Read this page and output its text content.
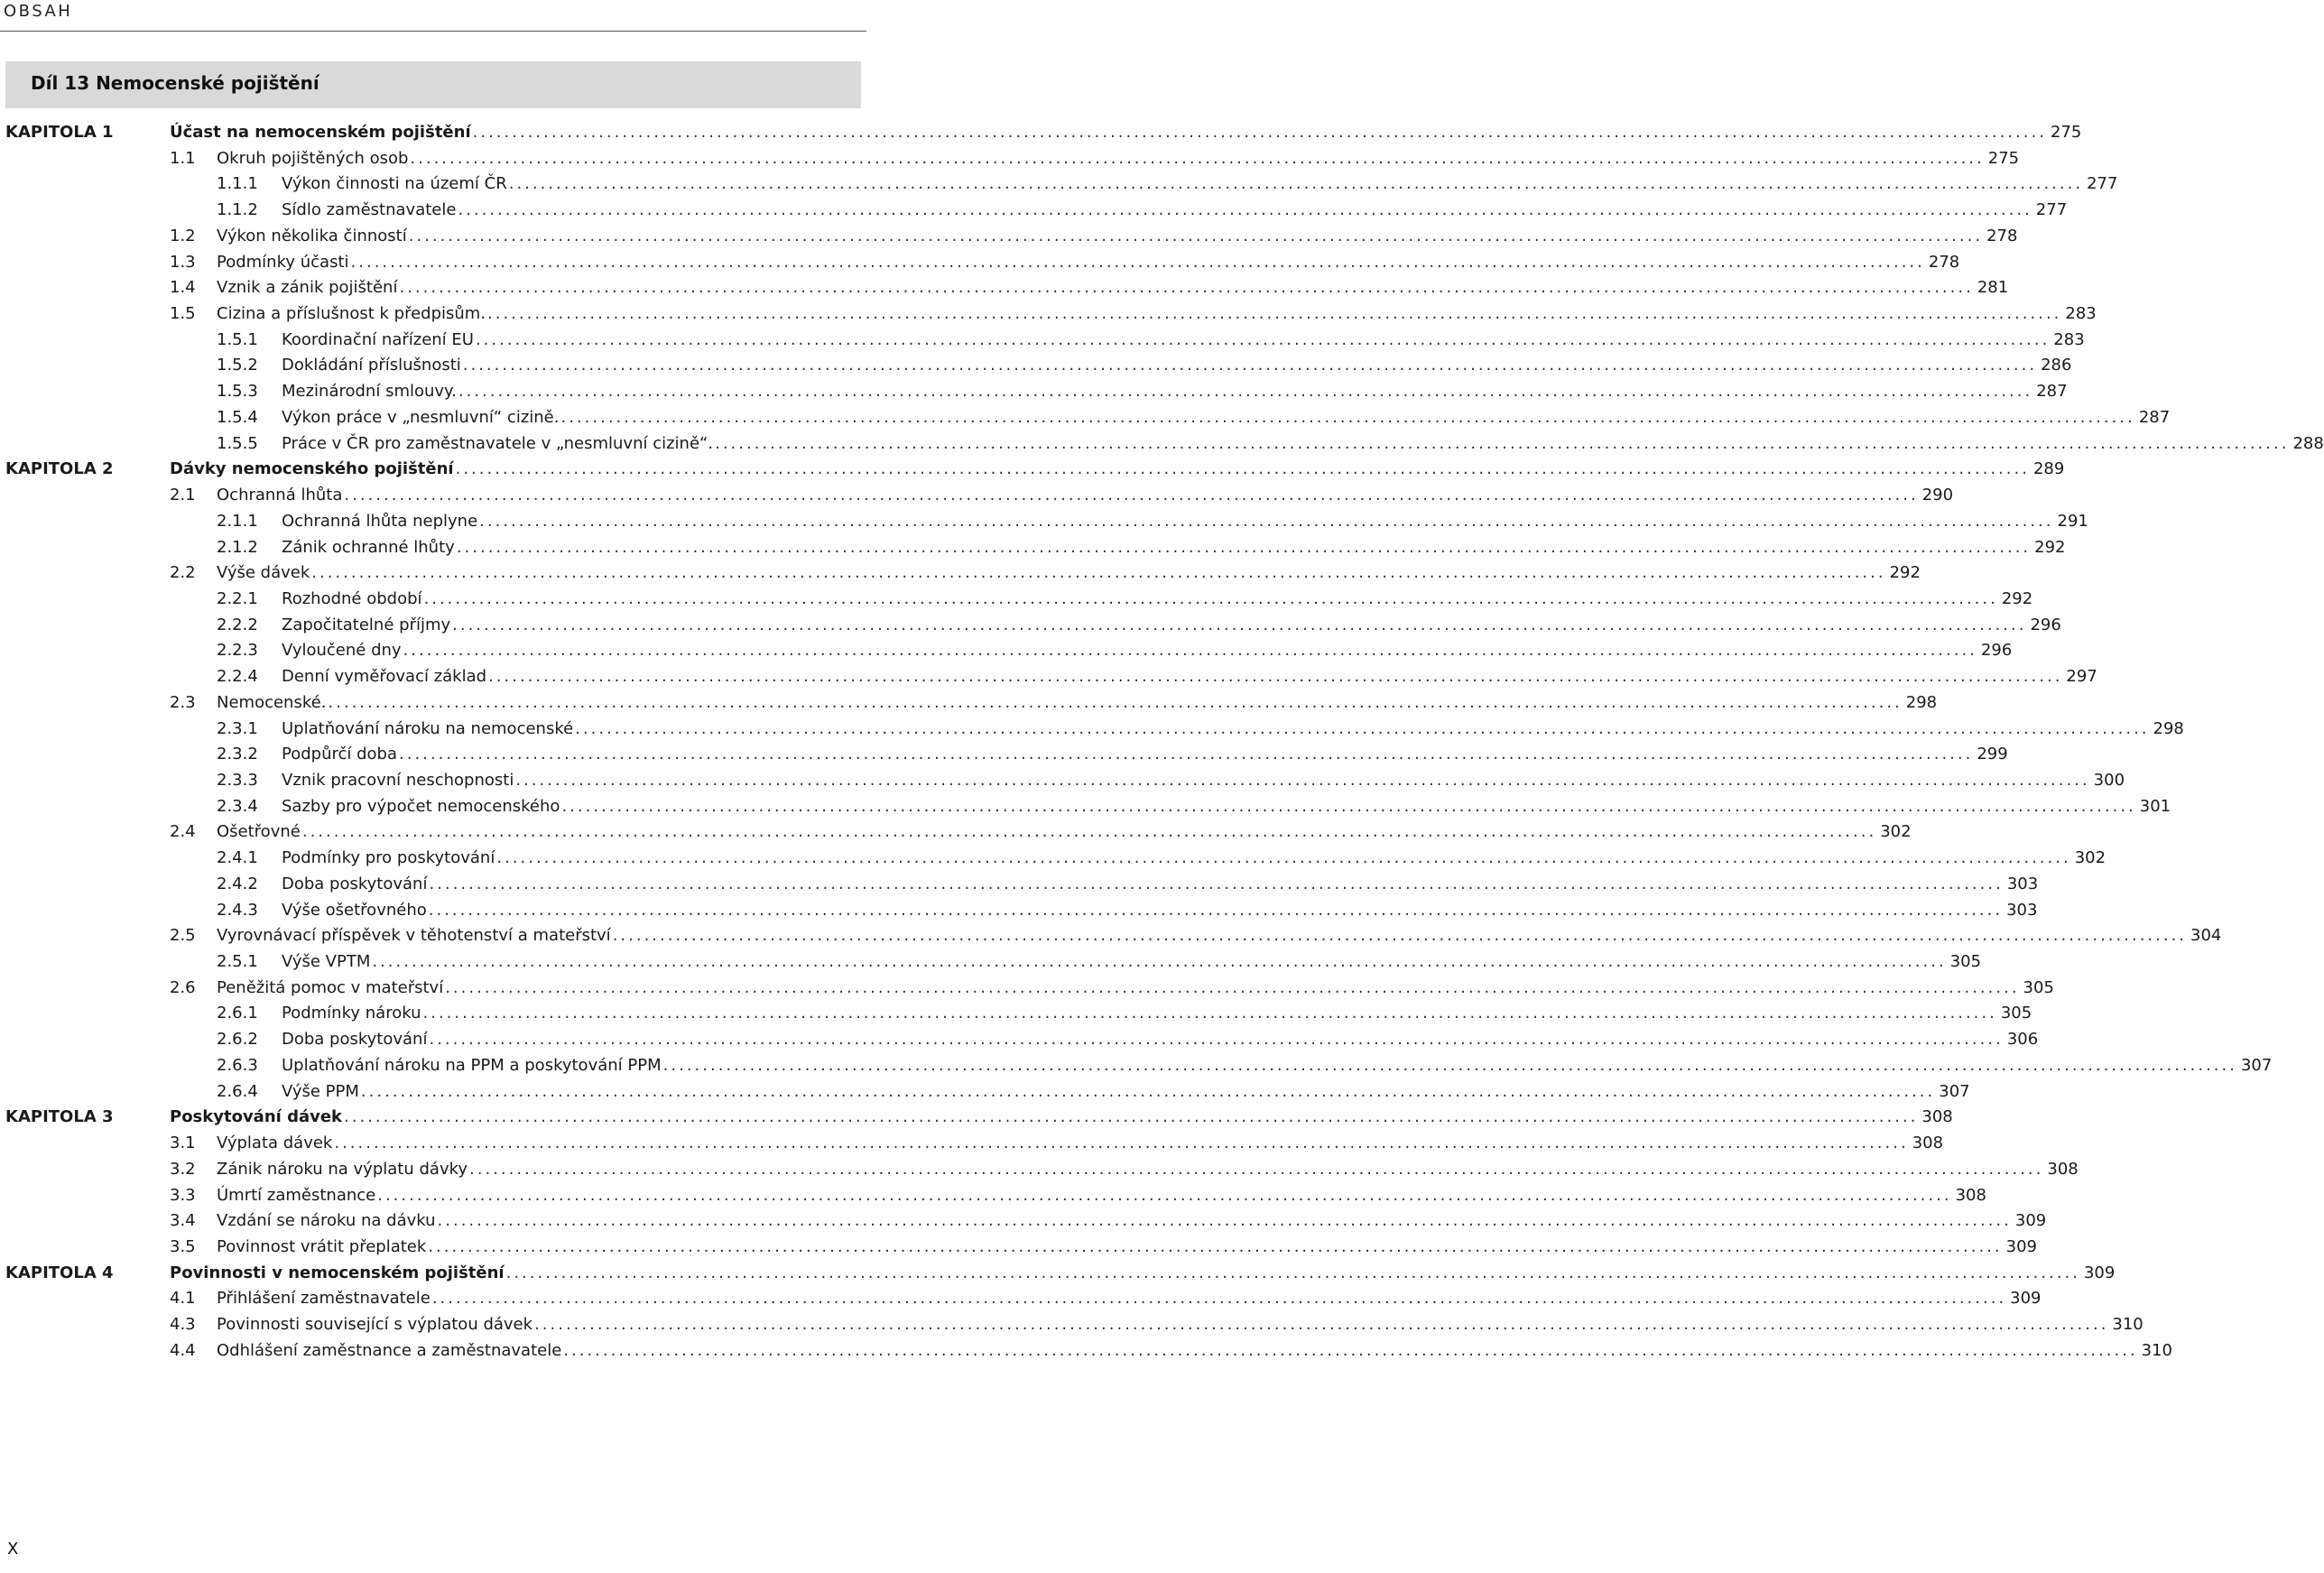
OBSAH
Díl 13 Nemocenské pojištění
KAPITOLA 1	Účast na nemocenském pojištění ........................................................................................................................................................................................................ 275
1.1 Okruh pojištěných osob ........................................................................................................................................................................................................ 275
1.1.1 Výkon činnosti na území ČR ........................................................................................................................................................................................................ 277
1.1.2 Sídlo zaměstnavatele ........................................................................................................................................................................................................ 277
1.2 Výkon několika činností ........................................................................................................................................................................................................ 278
1.3 Podmínky účasti ........................................................................................................................................................................................................ 278
1.4 Vznik a zánik pojištění ........................................................................................................................................................................................................ 281
1.5 Cizina a příslušnost k předpisům. ........................................................................................................................................................................................................ 283
1.5.1 Koordinační nařízení EU ........................................................................................................................................................................................................ 283
1.5.2 Dokládání příslušnosti ........................................................................................................................................................................................................ 286
1.5.3 Mezinárodní smlouvy. ........................................................................................................................................................................................................ 287
1.5.4 Výkon práce v „nesmluvní“ cizině. ........................................................................................................................................................................................................ 287
1.5.5 Práce v ČR pro zaměstnavatele v „nesmluvní cizině“. ........................................................................................................................................................................................................ 288
KAPITOLA 2	Dávky nemocenského pojištění ........................................................................................................................................................................................................ 289
2.1 Ochranná lhůta ........................................................................................................................................................................................................ 290
2.1.1 Ochranná lhůta neplyne ........................................................................................................................................................................................................ 291
2.1.2 Zánik ochranné lhůty ........................................................................................................................................................................................................ 292
2.2 Výše dávek ........................................................................................................................................................................................................ 292
2.2.1 Rozhodné období ........................................................................................................................................................................................................ 292
2.2.2 Započitatelné příjmy ........................................................................................................................................................................................................ 296
2.2.3 Vyloučené dny ........................................................................................................................................................................................................ 296
2.2.4 Denní vyměřovací základ ........................................................................................................................................................................................................ 297
2.3 Nemocenské. ........................................................................................................................................................................................................ 298
2.3.1 Uplatňování nároku na nemocenské ........................................................................................................................................................................................................ 298
2.3.2 Podpůrčí doba ........................................................................................................................................................................................................ 299
2.3.3 Vznik pracovní neschopnosti ........................................................................................................................................................................................................ 300
2.3.4 Sazby pro výpočet nemocenského ........................................................................................................................................................................................................ 301
2.4 Ošetřovné ........................................................................................................................................................................................................ 302
2.4.1 Podmínky pro poskytování ........................................................................................................................................................................................................ 302
2.4.2 Doba poskytování ........................................................................................................................................................................................................ 303
2.4.3 Výše ošetřovného ........................................................................................................................................................................................................ 303
2.5 Vyrovnávací příspěvek v těhotenství a mateřství ........................................................................................................................................................................................................ 304
2.5.1 Výše VPTM ........................................................................................................................................................................................................ 305
2.6 Peněžitá pomoc v mateřství ........................................................................................................................................................................................................ 305
2.6.1 Podmínky nároku ........................................................................................................................................................................................................ 305
2.6.2 Doba poskytování ........................................................................................................................................................................................................ 306
2.6.3 Uplatňování nároku na PPM a poskytování PPM ........................................................................................................................................................................................................ 307
2.6.4 Výše PPM ........................................................................................................................................................................................................ 307
KAPITOLA 3	Poskytování dávek ........................................................................................................................................................................................................ 308
3.1 Výplata dávek ........................................................................................................................................................................................................ 308
3.2 Zánik nároku na výplatu dávky ........................................................................................................................................................................................................ 308
3.3 Úmrtí zaměstnance ........................................................................................................................................................................................................ 308
3.4 Vzdání se nároku na dávku ........................................................................................................................................................................................................ 309
3.5 Povinnost vrátit přeplatek ........................................................................................................................................................................................................ 309
KAPITOLA 4	Povinnosti v nemocenském pojištění ........................................................................................................................................................................................................ 309
4.1 Přihlášení zaměstnavatele ........................................................................................................................................................................................................ 309
4.3 Povinnosti související s výplatou dávek ........................................................................................................................................................................................................ 310
4.4 Odhlášení zaměstnance a zaměstnavatele ........................................................................................................................................................................................................ 310
X
